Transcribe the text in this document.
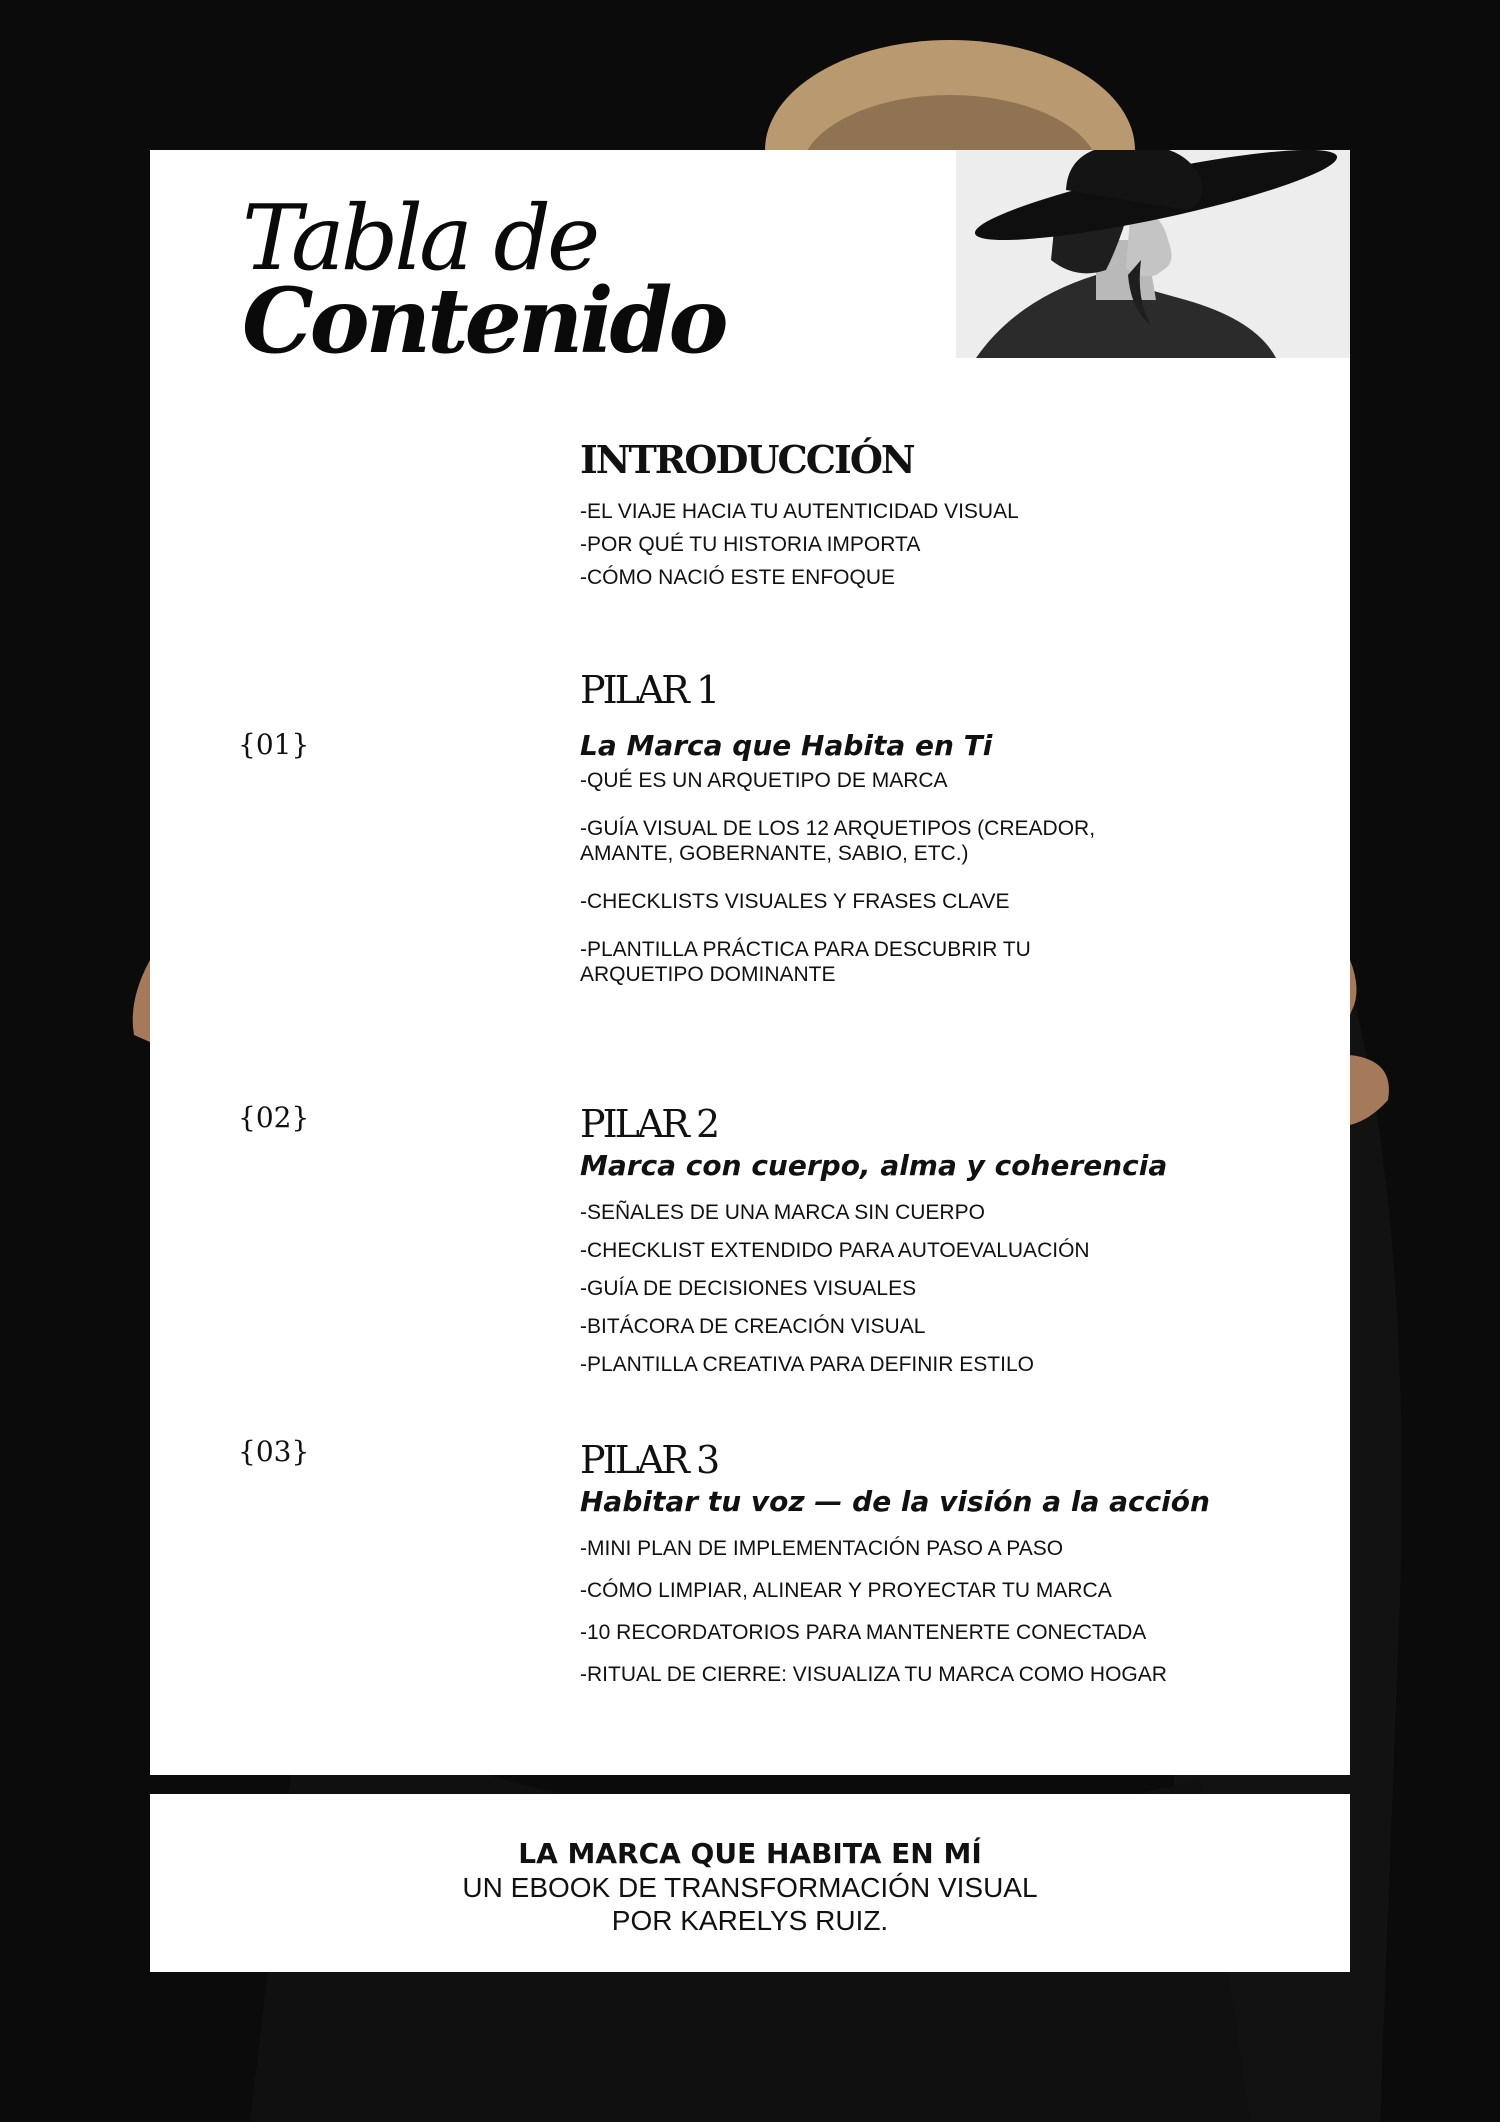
Tabla de
Contenido
INTRODUCCIÓN
-EL VIAJE HACIA TU AUTENTICIDAD VISUAL
-POR QUÉ TU HISTORIA IMPORTA
-CÓMO NACIÓ ESTE ENFOQUE
{01}
PILAR 1
La Marca que Habita en Ti
-QUÉ ES UN ARQUETIPO DE MARCA
-GUÍA VISUAL DE LOS 12 ARQUETIPOS (CREADOR, AMANTE, GOBERNANTE, SABIO, ETC.)
-CHECKLISTS VISUALES Y FRASES CLAVE
-PLANTILLA PRÁCTICA PARA DESCUBRIR TU ARQUETIPO DOMINANTE
{02}	PILAR 2
Marca con cuerpo, alma y coherencia
-SEÑALES DE UNA MARCA SIN CUERPO
-CHECKLIST EXTENDIDO PARA AUTOEVALUACIÓN
-GUÍA DE DECISIONES VISUALES
-BITÁCORA DE CREACIÓN VISUAL
-PLANTILLA CREATIVA PARA DEFINIR ESTILO
{03}	PILAR 3
Habitar tu voz — de la visión a la acción
-MINI PLAN DE IMPLEMENTACIÓN PASO A PASO
-CÓMO LIMPIAR, ALINEAR Y PROYECTAR TU MARCA
-10 RECORDATORIOS PARA MANTENERTE CONECTADA
-RITUAL DE CIERRE: VISUALIZA TU MARCA COMO HOGAR
LA MARCA QUE HABITA EN MÍ
UN EBOOK DE TRANSFORMACIÓN VISUAL
POR KARELYS RUIZ.
